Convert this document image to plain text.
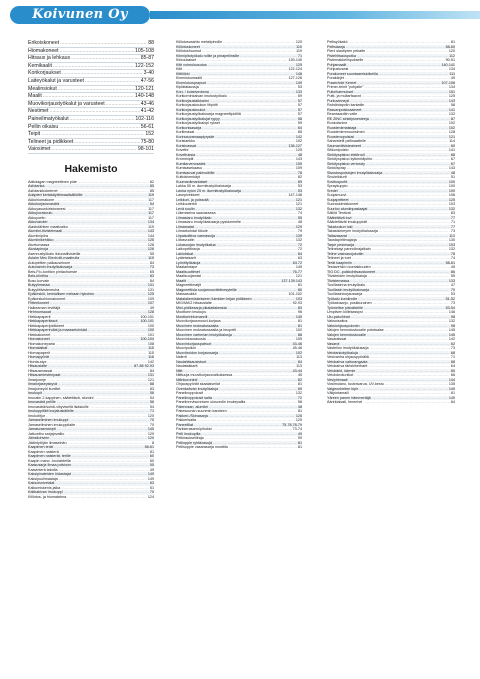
Koivunen Oy
Erikoiskoneet .....	88
Hiomakoneet .....	105-108
Hitsaus ja lehkaus .....	85-87
Kemikaalit .....	122-152
Korikorjaukset .....	3-40
Laiteyökalut ja varusteet .....	47-56
Mealinsiokut .....	120-121
Maalit .....	140-148
Muovikorjaustyökalut ja varusteet .....	43-46
Nestimet .....	41-42
Paineilmatyökalut .....	102-116
Pellin oikaisu .....	56-61
Teipit .....	152
Telineet ja pidikkeet .....	75-80
Vaiosimet .....	98-101
Hakemisto
Aaltoiagan magneettinen pide .....	82
Asfotanka .....	85
Asfotankkoketrnet .....	85
Adapteri kertakäyttömaalisäiliöille .....	119
Akkuhiomakone .....	117
Akkukorjausvasärä .....	54
Akkuyasunkiristoravesi .....	117
Akkuporakoulu .....	117
Akkuportin .....	117
Akkuvaroter .....	134
Alastutähtien maalivaiku .....	119
Alumiini-tiivisteimaali .....	143
Alumiinipiira .....	144
Alumiinikehikko .....	125
Aluetomassa .....	128
Alustapinoja .....	126
Asennustyökalu ikkunatiivisteille .....	55
Avlaim Mec Electrolit-maalirulla .....	119
Autopeltien palkausekone .....	84
Autonamin imutyökalusarja .....	73
Beis-Flo-tuntiton pintaohueste .....	65
Bels-kiinthia .....	83
Bosc-korvain .....	84
Butyylimassa .....	131
Butyylitiivisteneuha .....	131
Epäkeskiö, kemiallisen mekaan hykoimu .....	125
Epäkeskohiomakoneet .....	109
Filtterikoneet .....	107
Halkeaman levittäjä .....	49
Hehmunsauat .....	128
Hiekkapaperit .....	100-101
Hiekkapaperitasot .....	100-101
Hiekkapaperipidikkeet .....	100
Hiekkapaperirullat ja maasseloinkäd .....	100
Hiekkakoneet .....	101
Hiomakoneet .....	100-104
Hiomakoneparia .....	108
Hiomalaikat .....	115
Hiomapaperit .....	115
Hiomapyörät .....	116
Hionta-styx .....	142
Hitsauslaite .....	87-88 92-93
Hitsausmassat .....	84
Hitsausmiestenpaat .....	131
Ilmarjoneje .....	121
Ilmaiorjaseyskyvä .....	88
Ilmajoineyöt kuntilet .....	83
Imukupit .....	56
Imuratin 2-kappinen, säätettävä, alumini .....	54
Imuvasärä pelille .....	56
Imuvasärä/suhdi-vikyvisellä lisäsiuille .....	54
Imukuppitikit korjatuskäilelle .....	71
Imukutitjur .....	120
Jamaseliminen imukuppi .....	70
Jamaseliminen imukuppilaite .....	70
Jamasvasmanpit .....	145
Jatkoelbu sarjajovaltio .....	129
Jäinsitohvien .....	120
Jäähdytöjän ilmaseinän .....	8
Kaapimen terät .....	58-61
Kaapimen naisterä .....	81
Kaapimen naisterät, terille .....	60
Kaapin mano -huolahteilla .....	60
Kaasusarja Ilmaa polvioon .....	55
Kaavinterä tabolla .....	49
Kaksipinateiden hidastajat .....	149
Kaksipuolimaalaja .....	149
Kaksoisnivelalat .....	63
Kalkumiskenis jalka .....	51
Kalibakivan imukuppi .....	70
Kiillotus- ja hiomatahna .....	124
Kiillotusvaahto metalipinoille .....	120
Kiillotuskoneet .....	110
Kiillotushuumut .....	119
Kiinnipitotyökalu rolille ja pinapellinsille .....	71
Kirkoukaiset .....	139-140
Kitti voimulousutos .....	125
Kitit .....	122-124
Kittilökki .....	148
Kivenlukumaalit .....	127-128
Kivenlukuspraysut .....	149
Kiplätalaussja .....	53
Kori- / kolarivedoma .....	133
Korikorninkaivan imutustyökalu .....	69
Korikorjauslaikkaimi .....	57
Korikorjauskoukun litipidit .....	57
Korikorjauskoukut .....	57
Korikorjaustyökalusarja magneettipidillä .....	57
Korikorjaustyökalujat rypyy .....	58
Korikorjaustyökalupi rykset .....	59
Korikonisasarja .....	64
Korilimasat .....	85
Korirsauvamaapiprysile .....	142
Korisiankku .....	102
Korisinassat .....	136-127
Kovette .....	125
Kovettuksia .....	48
Krommipiit .....	143
Kumitarvenosatek .....	105
Kumisasekaasu .....	109
Kumisauvat palevulbille .....	78
Kuttokivenkäyt .....	82
Kuumanilmantaiset .....	89
Lakka 50 m. äurmitustyökalusarja .....	53
Lanka nylon 25 m. äurmitustyökalusarja .....	53
Lasepivekkeet .....	147-148
Leikkuri- ja poissotä .....	121
Leikkuuterkit .....	121
Levä suulin .....	132
Liikeniselva saavassesa .....	74
Liimasiaru imutyökalu .....	55
Liimasiaru imutyökalusarja pysidoneelle .....	48
Liimamalat .....	129
Liimarkohdal tökole .....	79
Liipaisoittiva varmasuija .....	139
Liitosvuotin .....	132
Lokasuojan imutyökalua .....	72
Laikoprtitiosrja .....	72
Lakioliskat .....	84
Lyätetaisarit .....	63
Lyöntityökaluja .....	63.72
Maalarintape .....	149
Maalisuuttimet .....	76-77
Maalisuojamtat .....	121
Maalit .....	137-139.143
Magneettimatjit .....	81
Magneettisia suojamuovitelinesyteille .....	80
Massasoklut .....	101-102
Matalakemiskekseen fulmiden leijan pidikkeen .....	103
MIG/MAG hitsauslaite .....	92-93
Mini-pidikesarja pikalaitakeskia .....	83
Moottorin imukupu .....	96
Moottorinhtomanrili .....	145
Muovikorjausmuovi-korjaus .....	81
Muovinen moksatussasita .....	81
Muovinen moksatussasita ja imupelti .....	102
Muovinen varhenan imutyökalusja .....	88
Muovinkaurasusla .....	105
Muovinkorjauspatruot .....	43-46
Muovipuikot .....	45-46
Muovitroidon korjaussarja .....	102
Nalerit .....	113
Naulahitsausistoot .....	84
Naulatakkarit .....	113
Nitit .....	43-44
Niittuuja muovikorjausvaikuksessa .....	45
Nitinkuroninti .....	82
Ohjauspyöriät skaalaisellat .....	81
Ovenkahvan imutyökaluja .....	69
Panelinoppolusit .....	132
Panelinoppolusit saita .....	72
Panelinrevtsunnisen ulosvedin imukepallla .....	58
Palenosan, alumiini .....	48
Pakesuunan suunmin kandeen .....	81
Pakkeri-/Skinasarja .....	125
Pakkerisaita .....	125
Paneeliliat .....	75-78,78-79
Parkkerasarm/pihukst .....	73-74
Peili imukupilla .....	49
Pelkiraukselliraja .....	59
Pelliopple ryhtävasujä .....	81
Pellisopple vasarasarja mosttila .....	81
Pellisyökalut .....	81
Pellisiaarja .....	58-60
Pieni slautipren pekalte .....	120
Pistehitsausputka .....	112
Pistemakkelinpukselle .....	90-91
Pohjamaalit .....	140-141
Pohjustuseat .....	134
Porakoneet suuntaamisiolkeilla .....	111
Porakärjet .....	49
Puwer/tole Kereet .....	107-108
Primer-teinit "pohjatle" .....	134
Pulloiharmukset .....	151
Putti- ja multarfaavot .....	125
Purkuvinnepii .....	143
Rahdintapolin kantatiin .....	58
Rasvanpoistoaaineet .....	141
Reanssauttin valle .....	132
RE ZINC sinkitysnesteeja .....	87
Runkoisnine .....	102
Ruostenienaistaja .....	102
Ruostenienmuunsimen .....	128
Ruostenopoistat .....	121
Saharstelit pellisaattelle .....	114
Saumantiivisteaineet .....	60
Silikonipoisto .....	141
Sinkityspistoo elektrodi .....	88
Sinkityspistoo kytkentäjohto .....	67
Sinkityspistoo verturoty .....	67
Sinkkispray .....	143
Sisustuspoistojen imutyökalusarja .....	48
Sivuleikkurit .....	51
Sovituspurtit .....	100
Spraykuppio .....	100
Sredel .....	100
Suojamuovi .....	106
Suojapeitteet .....	125
Suoraukimiskoneet .....	103
Suurloo alumiinpastaajat .....	132
Säiliöt Tentivat .....	83
Säätettävä tuvi .....	77
Säädettävät imukuppiolit .....	71
Takaluukun tuki .....	77
Takasisimeyen imutyökalusarja .....	73
Taltavasarat .....	113
Taustapiritimajarja .....	130
Tarpe pesinsarja .....	103
Telinekayi pannolinajalkain .....	132
Teline vasivasojukoitin .....	78
Telineet ja tuet .....	74
Terät kaapimiin .....	58-61
Testavehkl:n kontaktuuden .....	45
TIG DC -puikkohitsauskoneet .....	86
Tiivisteiden imutyökaluja .....	55
Tiivistemassa .....	133
Tuulilasinna imutyökalu .....	47
Tuulilasin imutyökalusarja .....	70
Tuulilasinkorjaussarja .....	53
Työkalu kumilnolle .....	51-52
Työkalusarju, puskkurainen .....	73
Työmeitse pistokkeille .....	53-54
Umpiiven kiillekassysi .....	146
Ulu-pakohinat .....	98
Vaksoisaitos .....	132
Vaksiohjauspolomin .....	98
Valojen kennotustuoalle pototsaise .....	145
Valojen kennotustuoalle .....	145
Vasaratssat .....	142
Vasarot .....	62
Vasteilun imutyökalusarja .....	73
Vetotankotyökaluja .....	68
Vesivanha ohjauspyörällä .....	71
Vetokahva vaiturangaala .....	68
Vetokahva täriskiherbarit .....	64
Vetokärki, kärmie .....	65
Vetolokrotunikot .....	66
Vesiyhimaali .....	144
Vosimulanu, tuutravarua, UV-kestu .....	135
Valgeonheiten kipir .....	149
Välipintamaili .....	81
Yäreen panen hämmertäjä .....	140
Äärirklaisati, Ienenhel .....	84
